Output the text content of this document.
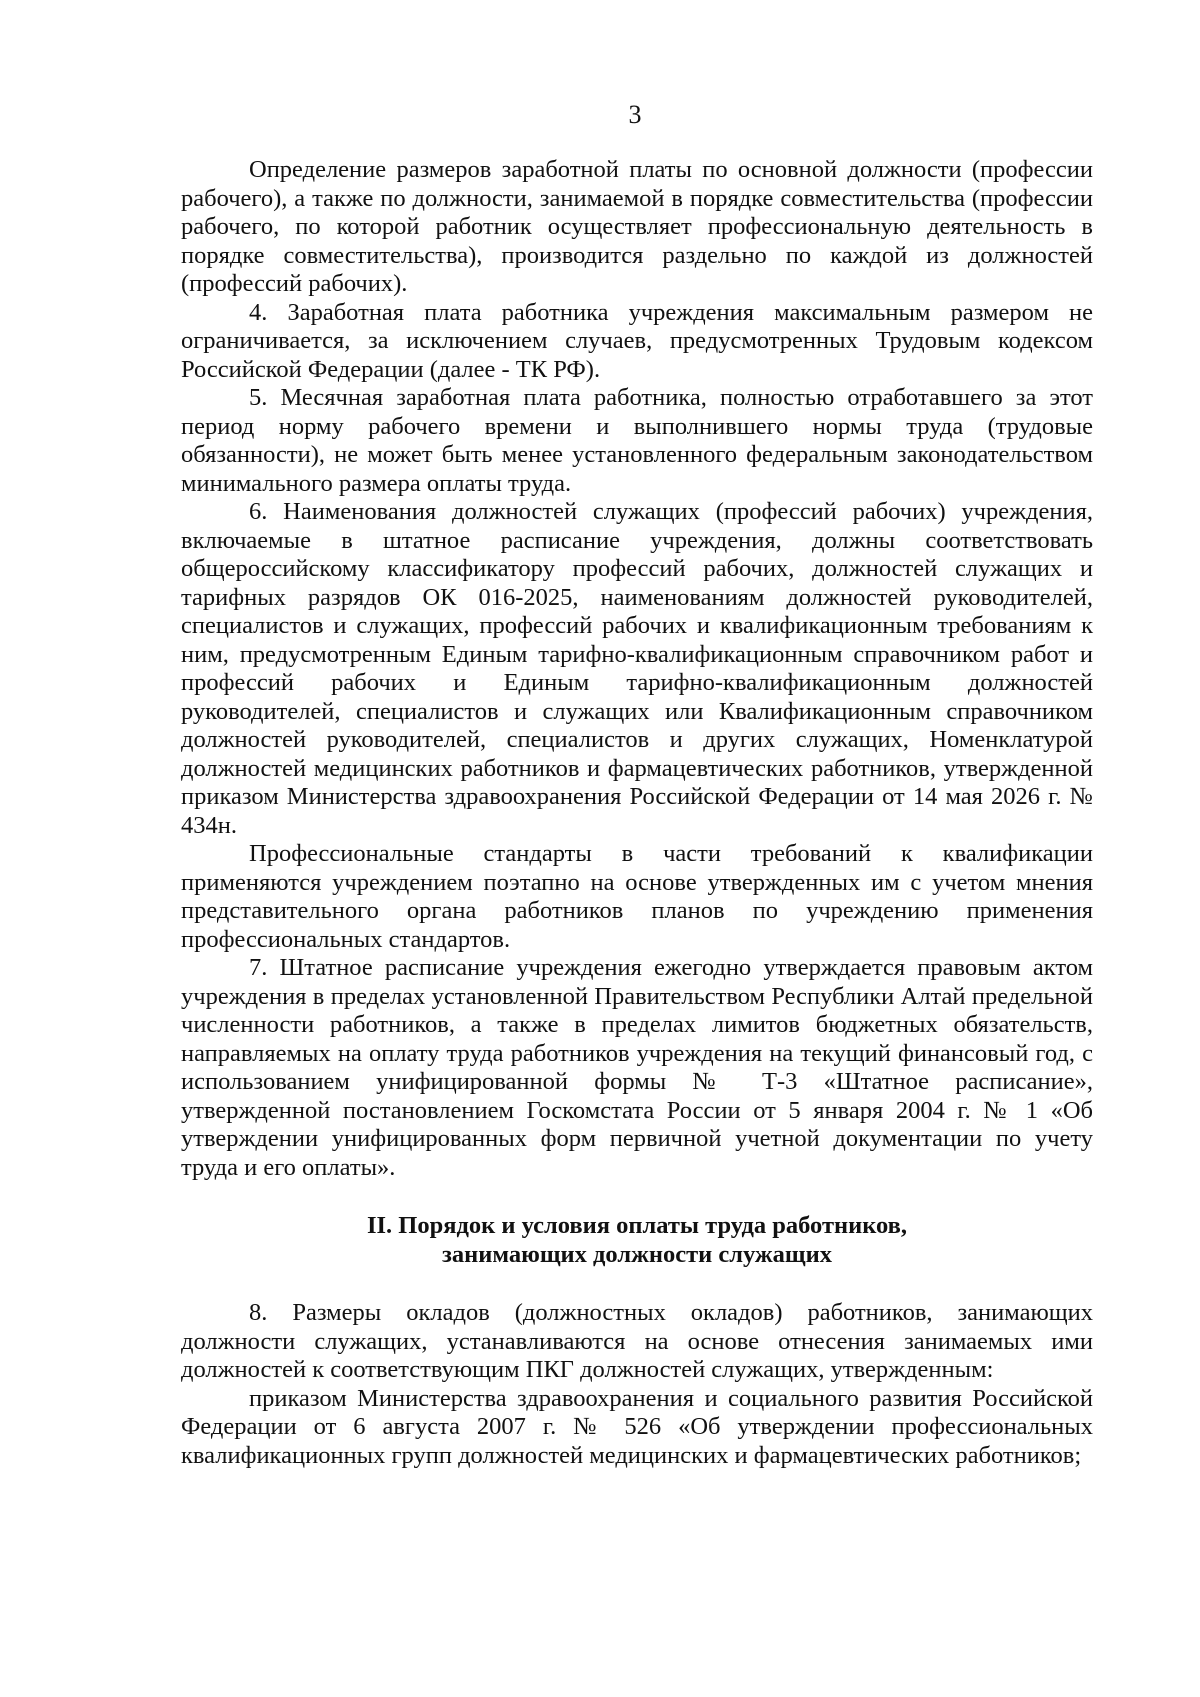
3

Определение размеров заработной платы по основной должности (профессии рабочего), а также по должности, занимаемой в порядке совместительства (профессии рабочего, по которой работник осуществляет профессиональную деятельность в порядке совместительства), производится раздельно по каждой из должностей (профессий рабочих).

4. Заработная плата работника учреждения максимальным размером не ограничивается, за исключением случаев, предусмотренных Трудовым кодексом Российской Федерации (далее - ТК РФ).

5. Месячная заработная плата работника, полностью отработавшего за этот период норму рабочего времени и выполнившего нормы труда (трудовые обязанности), не может быть менее установленного федеральным законодательством минимального размера оплаты труда.

6. Наименования должностей служащих (профессий рабочих) учреждения, включаемые в штатное расписание учреждения, должны соответствовать общероссийскому классификатору профессий рабочих, должностей служащих и тарифных разрядов ОК 016-2025, наименованиям должностей руководителей, специалистов и служащих, профессий рабочих и квалификационным требованиям к ним, предусмотренным Единым тарифно-квалификационным справочником работ и профессий рабочих и Единым тарифно-квалификационным должностей руководителей, специалистов и служащих или Квалификационным справочником должностей руководителей, специалистов и других служащих, Номенклатурой должностей медицинских работников и фармацевтических работников, утвержденной приказом Министерства здравоохранения Российской Федерации от 14 мая 2026 г. № 434н.

Профессиональные стандарты в части требований к квалификации применяются учреждением поэтапно на основе утвержденных им с учетом мнения представительного органа работников планов по учреждению применения профессиональных стандартов.

7. Штатное расписание учреждения ежегодно утверждается правовым актом учреждения в пределах установленной Правительством Республики Алтай предельной численности работников, а также в пределах лимитов бюджетных обязательств, направляемых на оплату труда работников учреждения на текущий финансовый год, с использованием унифицированной формы № Т-3 «Штатное расписание», утвержденной постановлением Госкомстата России от 5 января 2004 г. № 1 «Об утверждении унифицированных форм первичной учетной документации по учету труда и его оплаты».

II. Порядок и условия оплаты труда работников,
занимающих должности служащих

8. Размеры окладов (должностных окладов) работников, занимающих должности служащих, устанавливаются на основе отнесения занимаемых ими должностей к соответствующим ПКГ должностей служащих, утвержденным:

приказом Министерства здравоохранения и социального развития Российской Федерации от 6 августа 2007 г. № 526 «Об утверждении профессиональных квалификационных групп должностей медицинских и фармацевтических работников;
